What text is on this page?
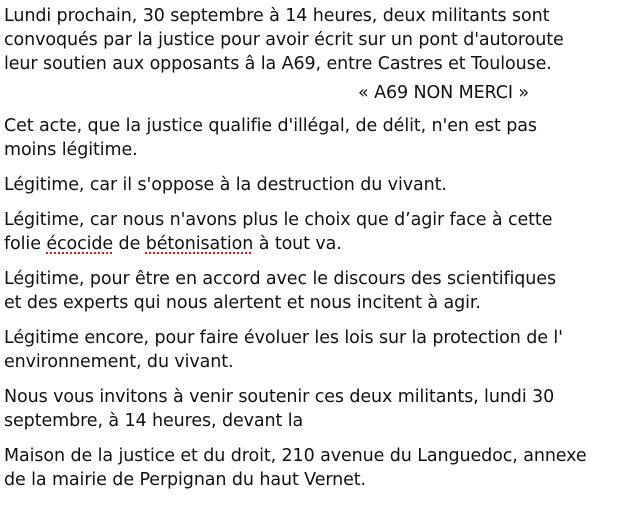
Lundi prochain, 30 septembre à 14 heures, deux militants sont
convoqués par la justice pour avoir écrit sur un pont d'autoroute
leur soutien aux opposants â la A69, entre Castres et Toulouse.

« A69 NON MERCI »

Cet acte, que la justice qualifie d'illégal, de délit, n'en est pas
moins légitime.

Légitime, car il s'oppose à la destruction du vivant.

Légitime, car nous n'avons plus le choix que d’agir face à cette
folie écocide de bétonisation à tout va.

Légitime, pour être en accord avec le discours des scientifiques
et des experts qui nous alertent et nous incitent à agir.

Légitime encore, pour faire évoluer les lois sur la protection de l'
environnement, du vivant.

Nous vous invitons à venir soutenir ces deux militants, lundi 30
septembre, à 14 heures, devant la

Maison de la justice et du droit, 210 avenue du Languedoc, annexe
de la mairie de Perpignan du haut Vernet.
